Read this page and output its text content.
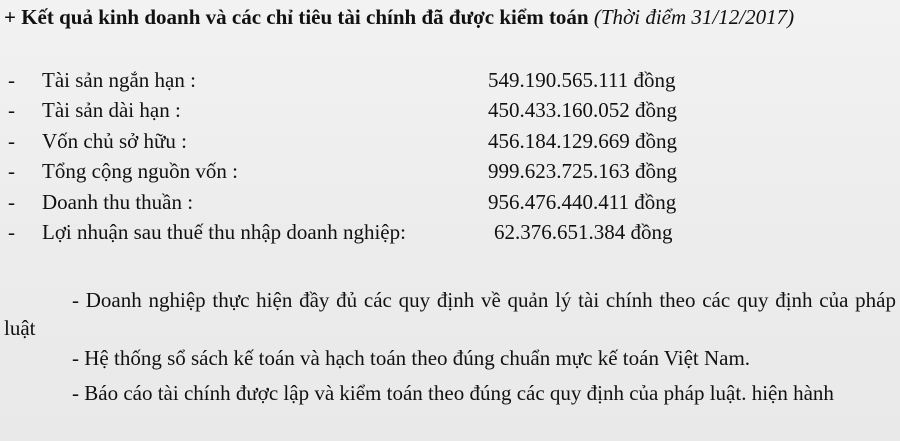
+ Kết quả kinh doanh và các chỉ tiêu tài chính đã được kiểm toán (Thời điểm 31/12/2017)

- Tài sản ngắn hạn :	549.190.565.111 đồng
- Tài sản dài hạn :	450.433.160.052 đồng
- Vốn chủ sở hữu :	456.184.129.669 đồng
- Tổng cộng nguồn vốn :	999.623.725.163 đồng
- Doanh thu thuần :	956.476.440.411 đồng
- Lợi nhuận sau thuế thu nhập doanh nghiệp:	62.376.651.384 đồng

- Doanh nghiệp thực hiện đầy đủ các quy định về quản lý tài chính theo các quy định của pháp luật

- Hệ thống sổ sách kế toán và hạch toán theo đúng chuẩn mực kế toán Việt Nam.

- Báo cáo tài chính được lập và kiểm toán theo đúng các quy định của pháp luật. hiện hành
